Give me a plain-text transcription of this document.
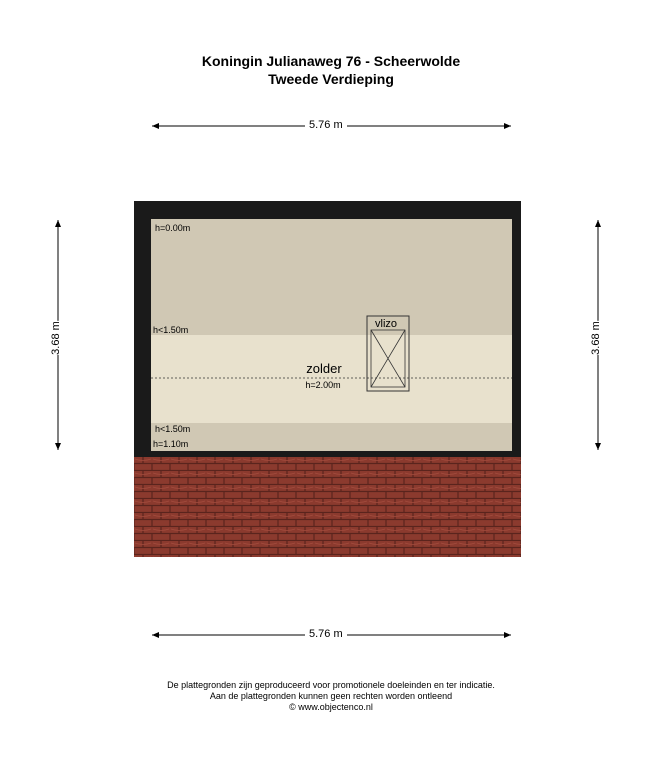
Koningin Julianaweg 76 - Scheerwolde
Tweede Verdieping
h=0.00m
h<1.50m
h<1.50m
h=1.10m
vlizo
zolder
h=2.00m
5.76 m
5.76 m
3.68 m	3.68 m
De plattegronden zijn geproduceerd voor promotionele doeleinden en ter indicatie.
Aan de plattegronden kunnen geen rechten worden ontleend
© www.objectenco.nl
